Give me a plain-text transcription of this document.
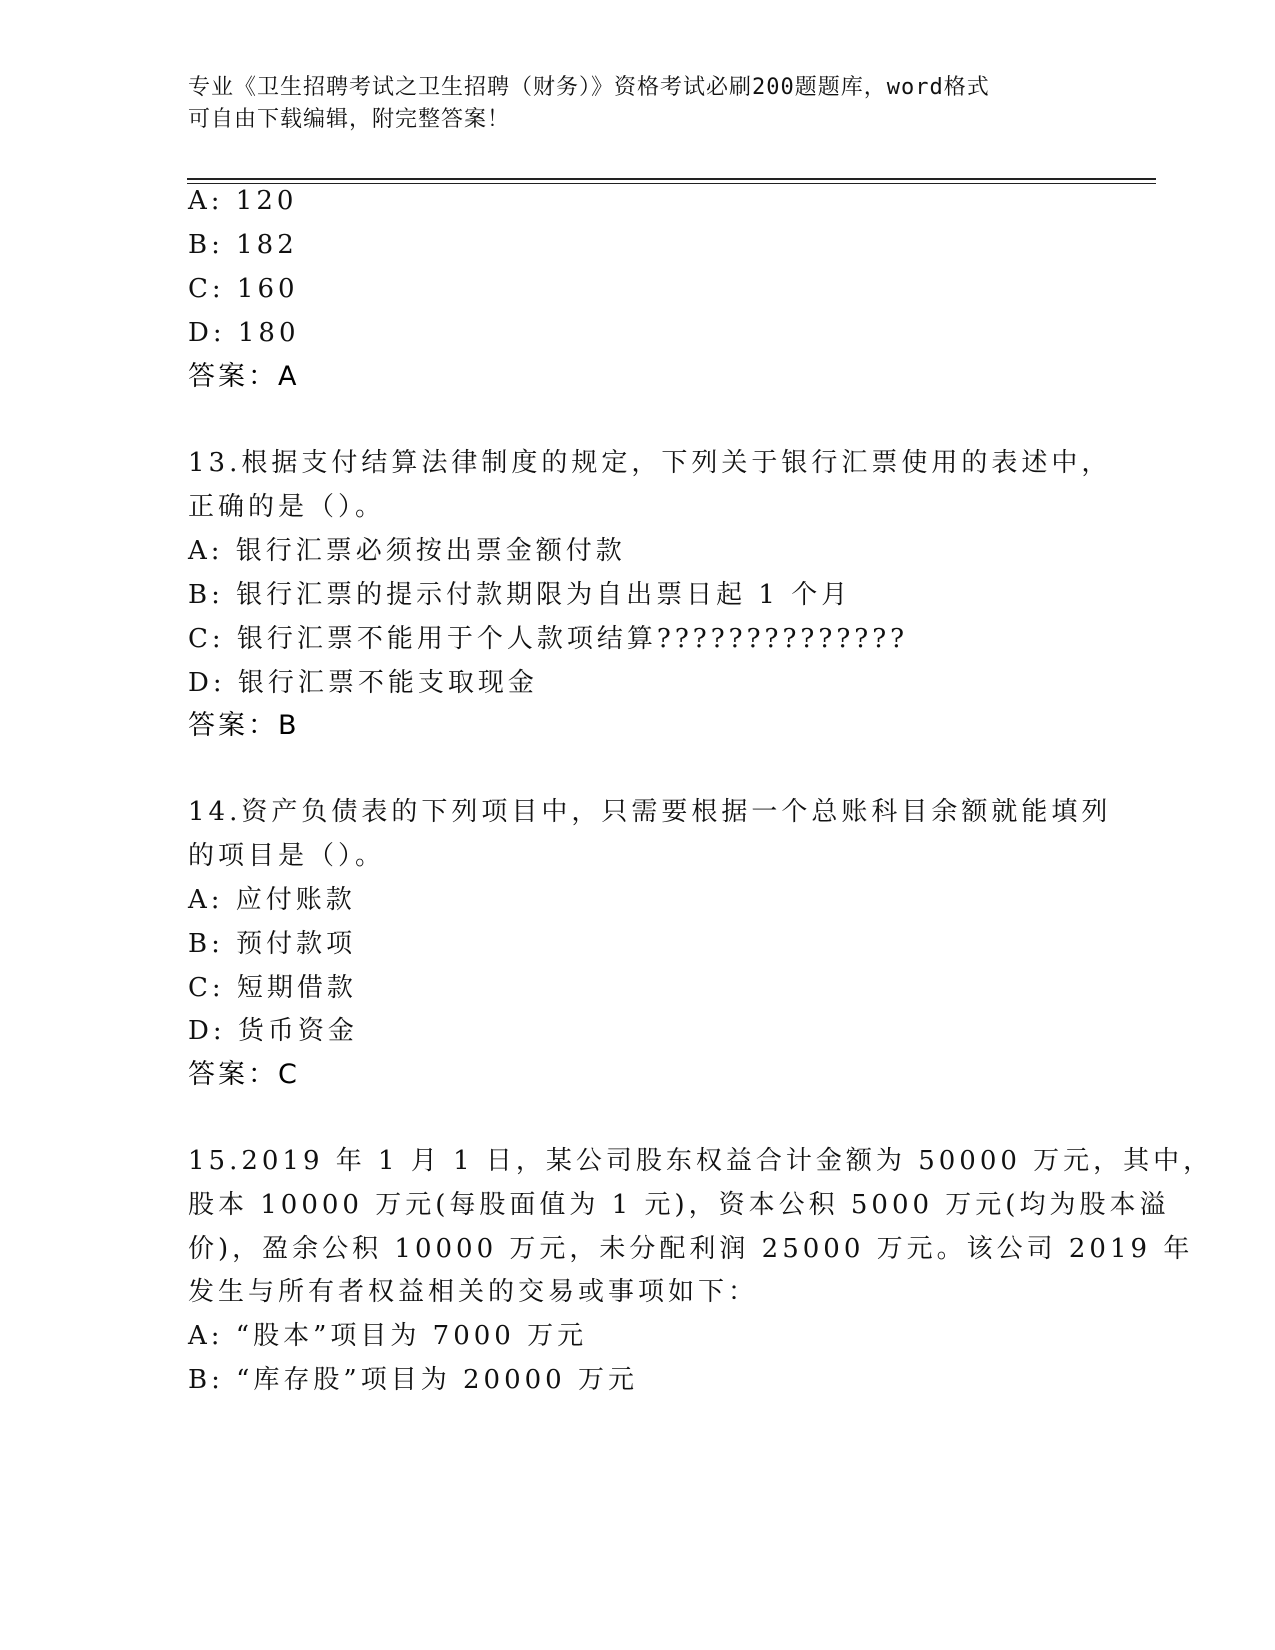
专业《卫生招聘考试之卫生招聘（财务）》资格考试必刷200题题库，word格式
可自由下载编辑，附完整答案！
A: 120
B: 182
C: 160
D: 180
答案：A
13.根据支付结算法律制度的规定，下列关于银行汇票使用的表述中，
正确的是（）。
A: 银行汇票必须按出票金额付款
B: 银行汇票的提示付款期限为自出票日起 1 个月
C: 银行汇票不能用于个人款项结算??????????????
D: 银行汇票不能支取现金
答案：B
14.资产负债表的下列项目中，只需要根据一个总账科目余额就能填列
的项目是（）。
A: 应付账款
B: 预付款项
C: 短期借款
D: 货币资金
答案：C
15.2019 年 1 月 1 日，某公司股东权益合计金额为 50000 万元，其中，
股本 10000 万元(每股面值为 1 元)，资本公积 5000 万元(均为股本溢
价)，盈余公积 10000 万元，未分配利润 25000 万元。该公司 2019 年
发生与所有者权益相关的交易或事项如下：
A: “股本”项目为 7000 万元
B: “库存股”项目为 20000 万元
